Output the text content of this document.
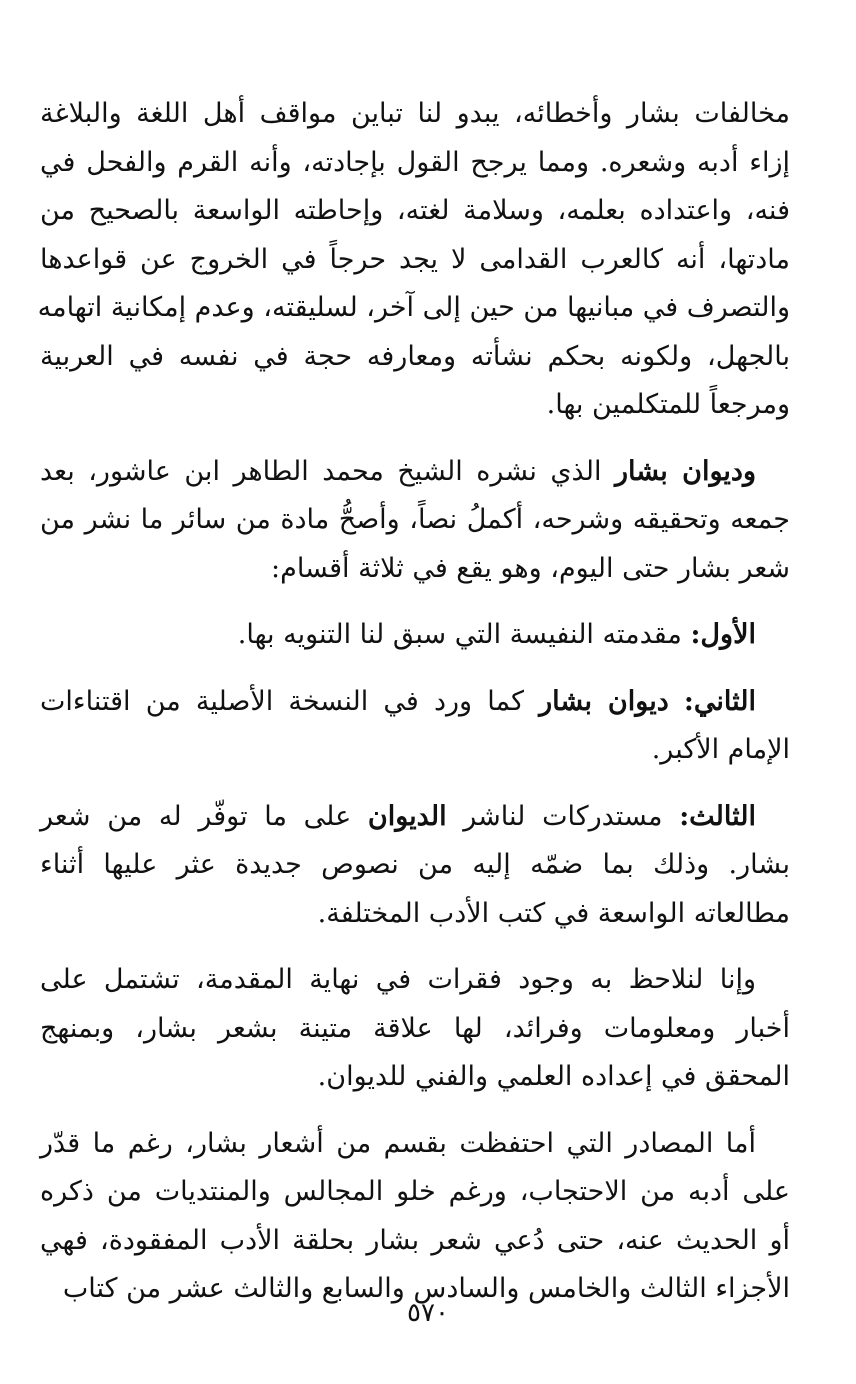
مخالفات بشار وأخطائه، يبدو لنا تباين مواقف أهل اللغة والبلاغة
إزاء أدبه وشعره. ومما يرجح القول بإجادته، وأنه القرم والفحل في
فنه، واعتداده بعلمه، وسلامة لغته، وإحاطته الواسعة بالصحيح من
مادتها، أنه كالعرب القدامى لا يجد حرجاً في الخروج عن قواعدها
والتصرف في مبانيها من حين إلى آخر، لسليقته، وعدم إمكانية اتهامه
بالجهل، ولكونه بحكم نشأته ومعارفه حجة في نفسه في العربية
ومرجعاً للمتكلمين بها.

وديوان بشار الذي نشره الشيخ محمد الطاهر ابن عاشور، بعد
جمعه وتحقيقه وشرحه، أكملُ نصاً، وأصحُّ مادة من سائر ما نشر من
شعر بشار حتى اليوم، وهو يقع في ثلاثة أقسام:

الأول: مقدمته النفيسة التي سبق لنا التنويه بها.

الثاني: ديوان بشار كما ورد في النسخة الأصلية من اقتناءات
الإمام الأكبر.

الثالث: مستدركات لناشر الديوان على ما توفّر له من شعر
بشار. وذلك بما ضمّه إليه من نصوص جديدة عثر عليها أثناء
مطالعاته الواسعة في كتب الأدب المختلفة.

وإنا لنلاحظ به وجود فقرات في نهاية المقدمة، تشتمل على
أخبار ومعلومات وفرائد، لها علاقة متينة بشعر بشار، وبمنهج
المحقق في إعداده العلمي والفني للديوان.

أما المصادر التي احتفظت بقسم من أشعار بشار، رغم ما قدّر
على أدبه من الاحتجاب، ورغم خلو المجالس والمنتديات من ذكره
أو الحديث عنه، حتى دُعي شعر بشار بحلقة الأدب المفقودة، فهي
الأجزاء الثالث والخامس والسادس والسابع والثالث عشر من كتاب

٥٧٠
